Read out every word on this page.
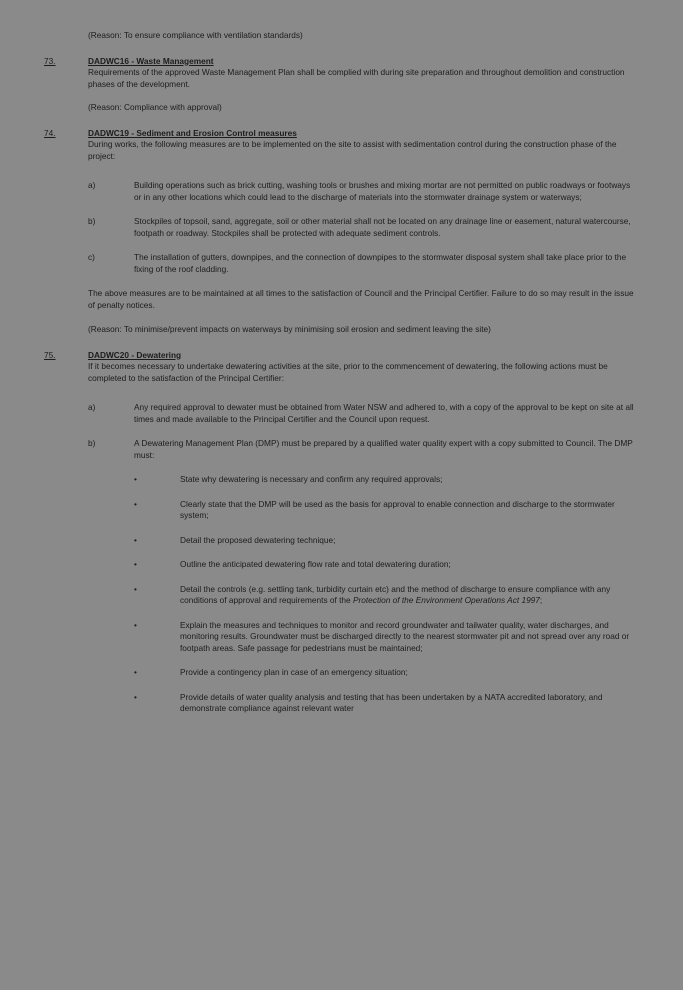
(Reason: To ensure compliance with ventilation standards)
73.	DADWC16 - Waste Management
Requirements of the approved Waste Management Plan shall be complied with during site preparation and throughout demolition and construction phases of the development.
(Reason: Compliance with approval)
74.	DADWC19 - Sediment and Erosion Control measures
During works, the following measures are to be implemented on the site to assist with sedimentation control during the construction phase of the project:
a)	Building operations such as brick cutting, washing tools or brushes and mixing mortar are not permitted on public roadways or footways or in any other locations which could lead to the discharge of materials into the stormwater drainage system or waterways;
b)	Stockpiles of topsoil, sand, aggregate, soil or other material shall not be located on any drainage line or easement, natural watercourse, footpath or roadway. Stockpiles shall be protected with adequate sediment controls.
c)	The installation of gutters, downpipes, and the connection of downpipes to the stormwater disposal system shall take place prior to the fixing of the roof cladding.
The above measures are to be maintained at all times to the satisfaction of Council and the Principal Certifier. Failure to do so may result in the issue of penalty notices.
(Reason: To minimise/prevent impacts on waterways by minimising soil erosion and sediment leaving the site)
75.	DADWC20 - Dewatering
If it becomes necessary to undertake dewatering activities at the site, prior to the commencement of dewatering, the following actions must be completed to the satisfaction of the Principal Certifier:
a)	Any required approval to dewater must be obtained from Water NSW and adhered to, with a copy of the approval to be kept on site at all times and made available to the Principal Certifier and the Council upon request.
b)	A Dewatering Management Plan (DMP) must be prepared by a qualified water quality expert with a copy submitted to Council. The DMP must:
•	State why dewatering is necessary and confirm any required approvals;
•	Clearly state that the DMP will be used as the basis for approval to enable connection and discharge to the stormwater system;
•	Detail the proposed dewatering technique;
•	Outline the anticipated dewatering flow rate and total dewatering duration;
•	Detail the controls (e.g. settling tank, turbidity curtain etc) and the method of discharge to ensure compliance with any conditions of approval and requirements of the Protection of the Environment Operations Act 1997;
•	Explain the measures and techniques to monitor and record groundwater and tailwater quality, water discharges, and monitoring results. Groundwater must be discharged directly to the nearest stormwater pit and not spread over any road or footpath areas. Safe passage for pedestrians must be maintained;
•	Provide a contingency plan in case of an emergency situation;
•	Provide details of water quality analysis and testing that has been undertaken by a NATA accredited laboratory, and demonstrate compliance against relevant water
